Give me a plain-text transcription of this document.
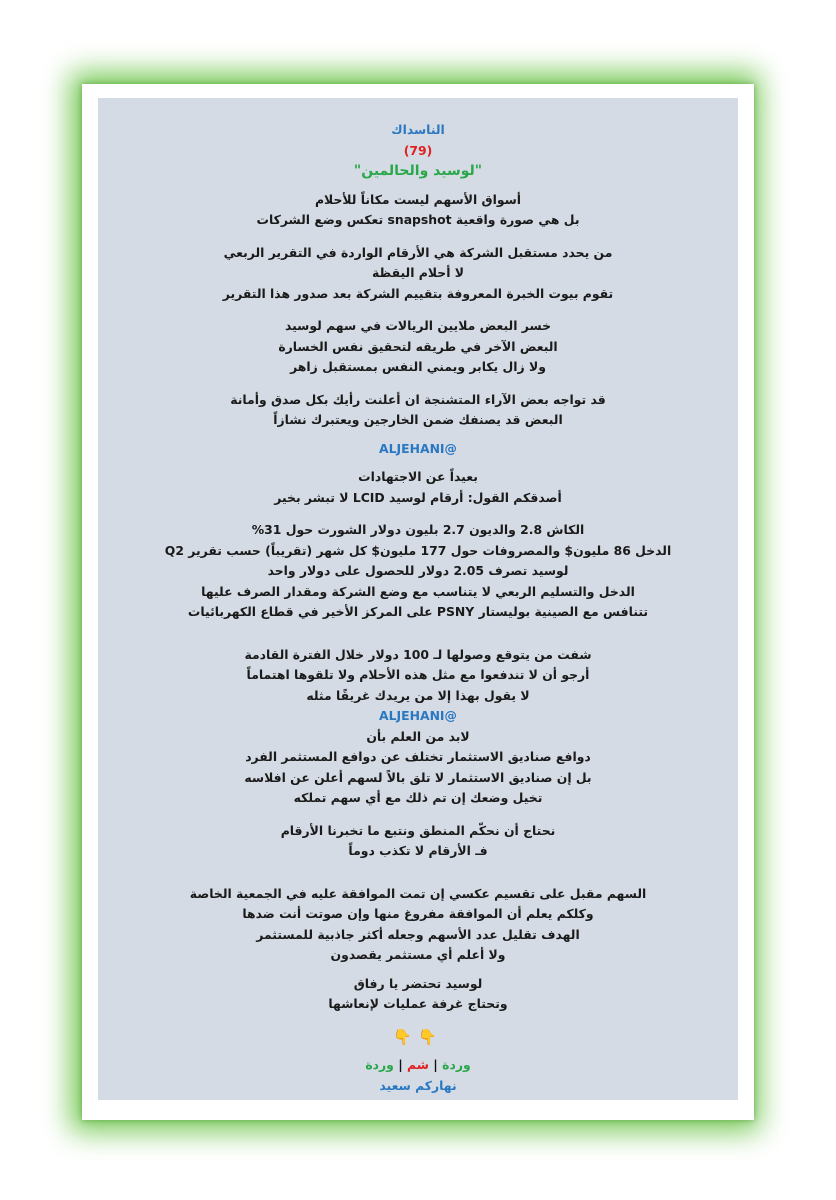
الناسداك
(79)
"لوسيد والحالمين"
أسواق الأسهم ليست مكاناً للأحلام
بل هي صورة واقعية snapshot تعكس وضع الشركات
من يحدد مستقبل الشركة هي الأرقام الواردة في التقرير الربعي
لا أحلام اليقظة
تقوم بيوت الخبرة المعروفة بتقييم الشركة بعد صدور هذا التقرير
خسر البعض ملايين الريالات في سهم لوسيد
البعض الآخر في طريقه لتحقيق نفس الخسارة
ولا زال يكابر ويمني النفس بمستقبل زاهر
قد تواجه بعض الآراء المتشنجة ان أعلنت رأيك بكل صدق وأمانة
البعض قد يصنفك ضمن الخارجين ويعتبرك نشازاً
@ALJEHANI
بعيداً عن الاجتهادات
أصدقكم القول: أرقام لوسيد LCID لا تبشر بخير
الكاش 2.8 والديون 2.7 بليون دولار الشورت حول 31%
الدخل 86 مليون$ والمصروفات حول 177 مليون$ كل شهر (تقريباً) حسب تقرير Q2
لوسيد تصرف 2.05 دولار للحصول على دولار واحد
الدخل والتسليم الربعي لا يتناسب مع وضع الشركة ومقدار الصرف عليها
تتنافس مع الصينية بوليستار PSNY على المركز الأخير في قطاع الكهربائيات
شفت من يتوقع وصولها لـ 100 دولار خلال الفترة القادمة
أرجو أن لا تندفعوا مع مثل هذه الأحلام ولا تلقوها اهتماماً
لا يقول بهذا إلا من يريدك غريقًا مثله
@ALJEHANI
لابد من العلم بأن
دوافع صناديق الاستثمار تختلف عن دوافع المستثمر الفرد
بل إن صناديق الاستثمار لا تلق بالاً لسهم أعلن عن افلاسه
تخيل وضعك إن تم ذلك مع أي سهم تملكه
نحتاج أن نحكّم المنطق ونتبع ما تخبرنا الأرقام
فـ الأرقام لا تكذب دوماً
السهم مقبل على تقسيم عكسي إن تمت الموافقة عليه في الجمعية الخاصة
وكلكم يعلم أن الموافقة مفروغ منها وإن صوتت أنت ضدها
الهدف تقليل عدد الأسهم وجعله أكثر جاذبية للمستثمر
ولا أعلم أي مستثمر يقصدون
لوسيد تحتضر يا رفاق
وتحتاج غرفة عمليات لإنعاشها
👇👇
وردة | شم | وردة
نهاركم سعيد
